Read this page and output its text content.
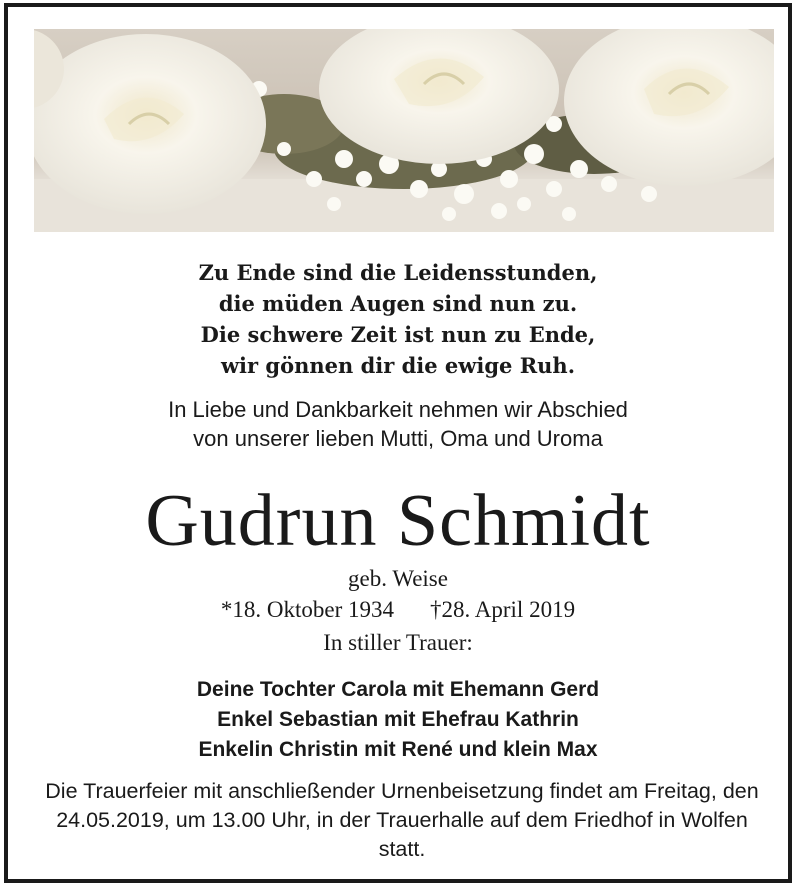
Zu Ende sind die Leidensstunden,
die müden Augen sind nun zu.
Die schwere Zeit ist nun zu Ende,
wir gönnen dir die ewige Ruh.
In Liebe und Dankbarkeit nehmen wir Abschied
von unserer lieben Mutti, Oma und Uroma
Gudrun Schmidt
geb. Weise
*18. Oktober 1934 †28. April 2019
In stiller Trauer:
Deine Tochter Carola mit Ehemann Gerd
Enkel Sebastian mit Ehefrau Kathrin
Enkelin Christin mit René und klein Max
Die Trauerfeier mit anschließender Urnenbeisetzung findet am Freitag, den 24.05.2019, um 13.00 Uhr, in der Trauerhalle auf dem Friedhof in Wolfen statt.
